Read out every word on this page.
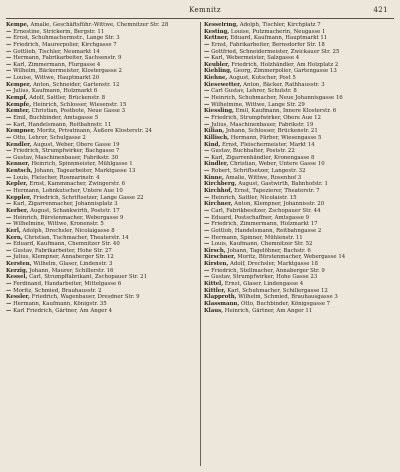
Kemnitz	421

Kempe, Amalie, Geschäftsführ.-Wittwe, Chemnitzer Str. 28

— Ernestine, Strickerin, Bergstr. 11

— Ernst, Schuhmachermstr., Lange Str. 3

— Friedrich, Maurerpolier, Kirchgasse 7

— Gottlieb, Tischler, Neumarkt 14

— Hermann, Fabrikarbeiter, Sachsenstr. 9

— Karl, Zimmermann, Flurgasse 4

— Wilhelm, Bäckermeister, Klostergasse 2

— Louise, Wittwe, Hauptmarkt 20

Kemper, Anton, Schneider, Gartenstr. 12

— Julius, Kaufmann, Holzmarkt 6

Kempf, Adolf, Sattler, Brückenstr. 8

Kempfe, Heinrich, Schlosser, Wiesenstr. 15

Kemter, Christian, Postbote, Neue Gasse 3

— Emil, Buchbinder, Amtsgasse 5

— Karl, Handelsmann, Reitbahnstr. 11

Kempner, Moritz, Privatmann, Äußere Klosterstr. 24

— Otto, Lehrer, Schulgasse 2

Kendler, August, Weber, Obere Gasse 19

— Friedrich, Strumpfwirker, Bachgasse 7

— Gustav, Maschinenbauer, Fabrikstr. 30

Kenner, Heinrich, Spinnmeister, Mühlgasse 1

Kentsch, Johann, Tagearbeiter, Marktgasse 13

— Louis, Fleischer, Rosmarinstr. 4

Kepler, Ernst, Kammmacher, Zwingerstr. 6

— Hermann, Lohnkutscher, Untere Aue 10

Keppler, Friedrich, Schriftsetzer, Lange Gasse 22

— Karl, Zigarrenmacher, Johannisplatz 3

Kerber, August, Schankwirth, Poststr. 17

— Heinrich, Bürstenmacher, Webergasse 9

— Wilhelmine, Wittwe, Kronenstr. 5

Kerl, Adolph, Drechsler, Nicolaigasse 8

Kern, Christian, Tuchmacher, Theaterstr. 14

— Eduard, Kaufmann, Chemnitzer Str. 40

— Gustav, Fabrikarbeiter, Hohe Str. 27

— Julius, Klempner, Annaberger Str. 12

Kersten, Wilhelm, Glaser, Lindenstr. 3

Kerzig, Johann, Maurer, Schillerstr. 16

Kessel, Carl, Strumpffabrikant, Zschopauer Str. 21

— Ferdinand, Handarbeiter, Mittelgasse 6

— Moritz, Schmied, Brauhausstr. 2

Kessler, Friedrich, Wagenbauer, Dresdner Str. 9

— Hermann, Kaufmann, Königstr. 35

— Karl Friedrich, Gärtner, Am Anger 4

Kesselring, Adolph, Tischler, Kirchplatz 7

Kesting, Louise, Putzmacherin, Neugasse 1

Kettner, Eduard, Kaufmann, Hauptmarkt 11

— Ernst, Fabrikarbeiter, Bernsdorfer Str. 18

— Gottfried, Schneidermeister, Zwickauer Str. 25

— Karl, Webermeister, Salzgasse 4

Keubler, Friedrich, Holzhändler, Am Holzplatz 2

Kiehling, Georg, Zimmerpolier, Gartengasse 13

Kiehne, August, Kutscher, Post 5

Kiesewetter, Anton, Bäcker, Rathhausstr. 3

— Carl Gustav, Lehrer, Schulstr. 8

— Heinrich, Schuhmacher, Neue Johannisgasse 16

— Wilhelmine, Wittwe, Lange Str. 29

Kiessling, Emil, Kaufmann, Innere Klosterstr. 6

— Friedrich, Strumpfwirker, Obere Aue 12

— Julius, Maschinenbauer, Fabrikstr. 19

Kilian, Johann, Schlosser, Brückenstr. 21

Killisch, Hermann, Färber, Wiesengasse 5

Kind, Ernst, Fleischermeister, Markt 14

— Gustav, Buchhalter, Poststr. 22

— Karl, Zigarrenhändler, Kronengasse 8

Kindler, Christian, Weber, Untere Gasse 10

— Robert, Schriftsetzer, Langestr. 32

Kinne, Amalie, Wittwe, Rosenhof 3

Kirchberg, August, Gastwirth, Bahnhofstr. 1

Kirchhof, Ernst, Tapezierer, Theaterstr. 7

— Heinrich, Sattler, Nicolaistr. 15

Kirchner, Anton, Klempner, Johannisstr. 20

— Carl, Fabrikbesitzer, Zschopauer Str. 44

— Eduard, Postschaffner, Amtsgasse 9

— Friedrich, Zimmermann, Holzmarkt 17

— Gottlob, Handelsmann, Reitbahngasse 2

— Hermann, Spinner, Mühlenstr. 11

— Louis, Kaufmann, Chemnitzer Str. 52

Kirsch, Johann, Tagelöhner, Bachstr. 6

Kirschner, Moritz, Bürstenmacher, Webergasse 14

Kirsten, Adolf, Drechsler, Marktgasse 18

— Friedrich, Stellmacher, Annaberger Str. 9

— Gustav, Strumpfwirker, Hohe Gasse 23

Kittel, Ernst, Glaser, Lindengasse 4

Kittler, Karl, Schuhmacher, Schillergasse 12

Klapproth, Wilhelm, Schmied, Brauhausgasse 3

Klassmann, Otto, Buchbinder, Königsgasse 7

Klaus, Heinrich, Gärtner, Am Anger 11
